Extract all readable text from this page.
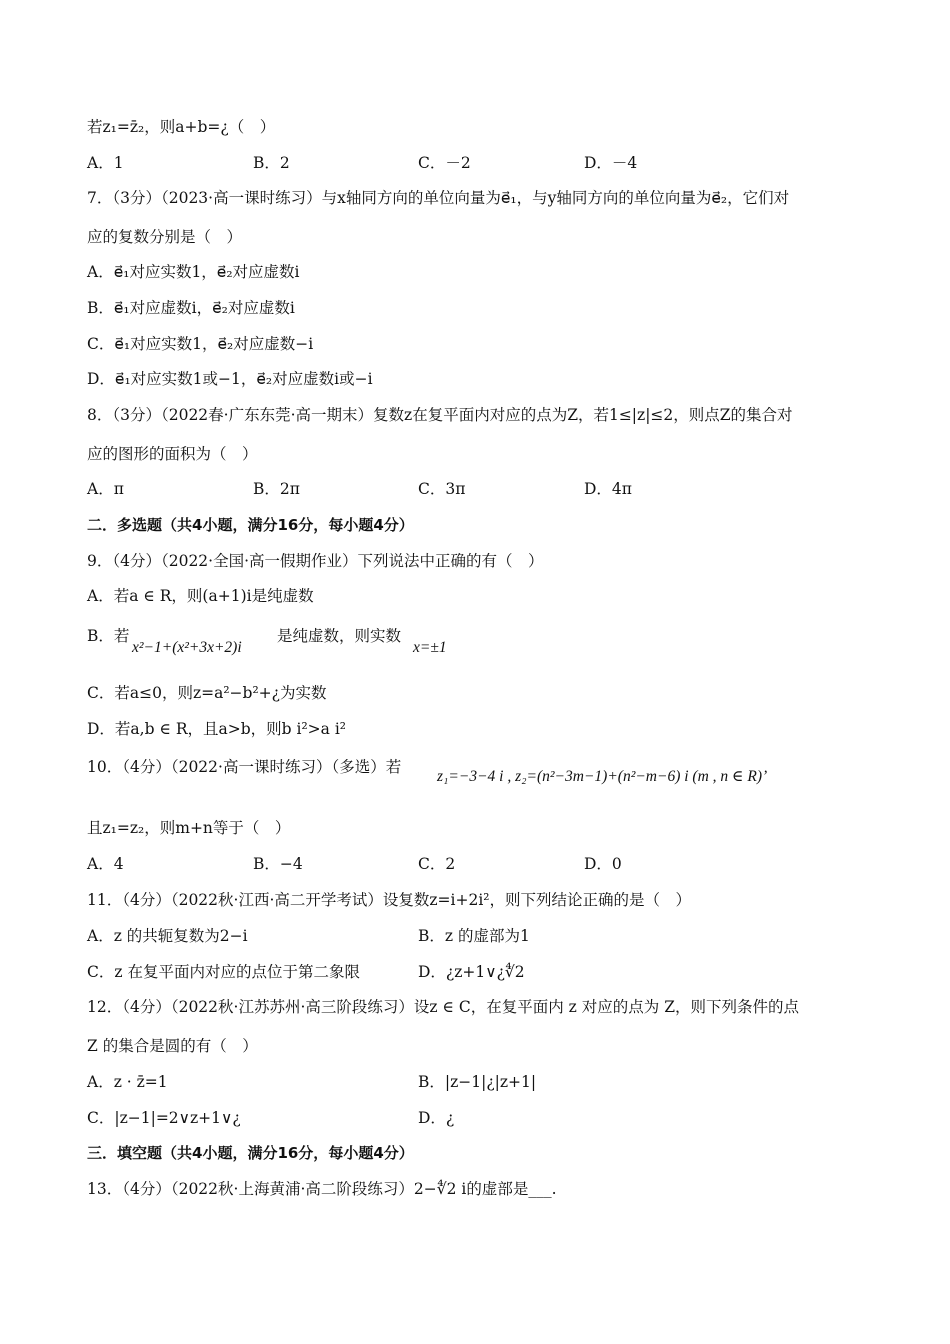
若z₁=z̄₂，则a+b=¿（　）
A．1	B．2	C．－2	D．－4
7．（3分）（2023·高一课时练习）与x轴同方向的单位向量为e⃗₁，与y轴同方向的单位向量为e⃗₂，它们对
应的复数分别是（　）
A．e⃗₁对应实数1，e⃗₂对应虚数i
B．e⃗₁对应虚数i，e⃗₂对应虚数i
C．e⃗₁对应实数1，e⃗₂对应虚数−i
D．e⃗₁对应实数1或−1，e⃗₂对应虚数i或−i
8．（3分）（2022春·广东东莞·高一期末）复数z在复平面内对应的点为Z，若1≤|z|≤2，则点Z的集合对
应的图形的面积为（　）
A．π	B．2π	C．3π	D．4π
二．多选题（共4小题，满分16分，每小题4分）
9．（4分）（2022·全国·高一假期作业）下列说法中正确的有（　）
A．若a ∈ R，则(a+1)i是纯虚数
B．若
x²−1+(x²+3x+2)i
是纯虚数，则实数
x=±1
C．若a≤0，则z=a²−b²+¿为实数
D．若a,b ∈ R，且a>b，则b i²>a i²
10．（4分）（2022·高一课时练习）（多选）若
z₁=−3−4 i , z₂=(n²−3m−1)+(n²−m−6) i (m , n ∈ R)’
且z₁=z₂，则m+n等于（　）
A．4	B．−4	C．2	D．0
11．（4分）（2022秋·江西·高二开学考试）设复数z=i+2i²，则下列结论正确的是（　）
A．z 的共轭复数为2−i	B．z 的虚部为1
C．z 在复平面内对应的点位于第二象限	D．¿z+1∨¿∜2
12．（4分）（2022秋·江苏苏州·高三阶段练习）设z ∈ C，在复平面内 z 对应的点为 Z，则下列条件的点
Z 的集合是圆的有（　）
A．z · z̄=1	B．|z−1|¿|z+1|
C．|z−1|=2∨z+1∨¿	D．¿
三．填空题（共4小题，满分16分，每小题4分）
13．（4分）（2022秋·上海黄浦·高二阶段练习）2−∜2 i的虚部是___.
